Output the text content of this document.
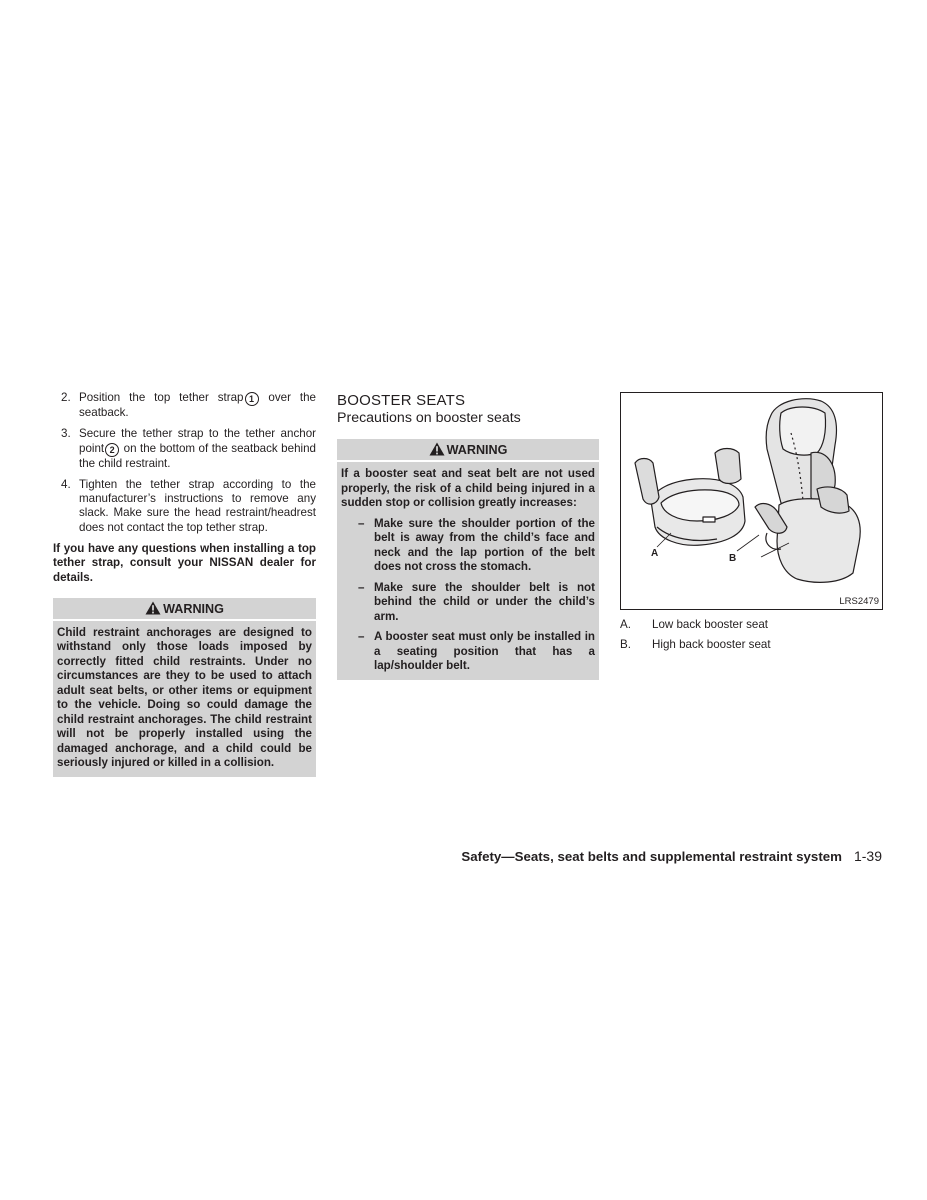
2. Position the top tether strap 1 over the seatback.
3. Secure the tether strap to the tether anchor point 2 on the bottom of the seatback behind the child restraint.
4. Tighten the tether strap according to the manufacturer’s instructions to remove any slack. Make sure the head restraint/headrest does not contact the top tether strap.
If you have any questions when installing a top tether strap, consult your NISSAN dealer for details.
WARNING
Child restraint anchorages are designed to withstand only those loads imposed by correctly fitted child restraints. Under no circumstances are they to be used to attach adult seat belts, or other items or equipment to the vehicle. Doing so could damage the child restraint anchorages. The child restraint will not be properly installed using the damaged anchorage, and a child could be seriously injured or killed in a collision.
BOOSTER SEATS
Precautions on booster seats
WARNING
If a booster seat and seat belt are not used properly, the risk of a child being injured in a sudden stop or collision greatly increases:
– Make sure the shoulder portion of the belt is away from the child’s face and neck and the lap portion of the belt does not cross the stomach.
– Make sure the shoulder belt is not behind the child or under the child’s arm.
– A booster seat must only be installed in a seating position that has a lap/shoulder belt.
A	B
LRS2479
A. Low back booster seat
B. High back booster seat
Safety—Seats, seat belts and supplemental restraint system 1-39
